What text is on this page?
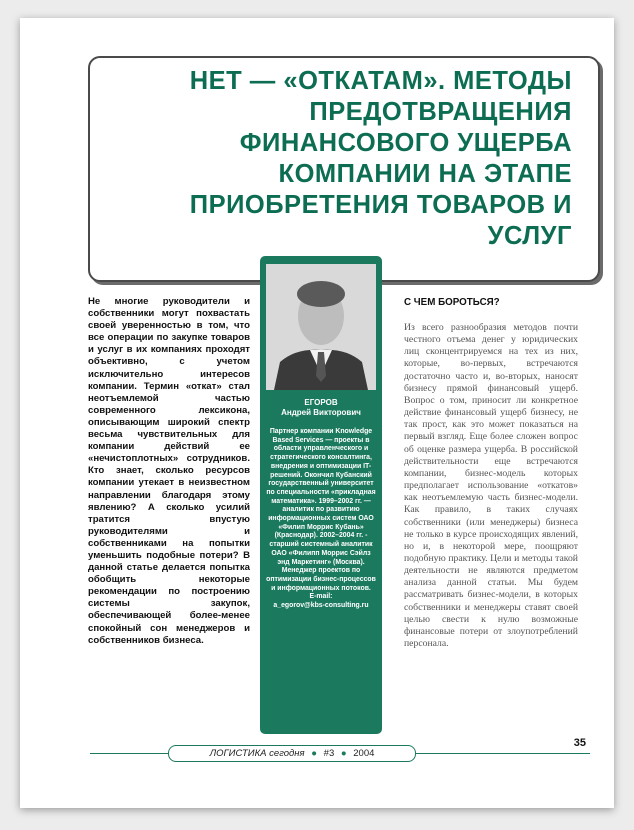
НЕТ — «ОТКАТАМ». МЕТОДЫ ПРЕДОТВРАЩЕНИЯ ФИНАНСОВОГО УЩЕРБА КОМПАНИИ НА ЭТАПЕ ПРИОБРЕТЕНИЯ ТОВАРОВ И УСЛУГ

Не многие руководители и собственники могут похвастать своей уверенностью в том, что все операции по закупке товаров и услуг в их компаниях проходят объективно, с учетом исключительно интересов компании. Термин «откат» стал неотъемлемой частью современного лексикона, описывающим широкий спектр весьма чувствительных для компании действий ее «нечистоплотных» сотрудников. Кто знает, сколько ресурсов компании утекает в неизвестном направлении благодаря этому явлению? А сколько усилий тратится впустую руководителями и собственниками на попытки уменьшить подобные потери? В данной статье делается попытка обобщить некоторые рекомендации по построению системы закупок, обеспечивающей более-менее спокойный сон менеджеров и собственников бизнеса.

ЕГОРОВ
Андрей Викторович
Партнер компании Knowledge Based Services — проекты в области управленческого и стратегического консалтинга, внедрения и оптимизации IT-решений. Окончил Кубанский государственный университет по специальности «прикладная математика». 1999–2002 гг. — аналитик по развитию информационных систем ОАО «Филип Моррис Кубань» (Краснодар). 2002–2004 гг. - старший системный аналитик ОАО «Филипп Моррис Сэйлз энд Маркетинг» (Москва). Менеджер проектов по оптимизации бизнес-процессов и информационных потоков.
E-mail:
a_egorov@kbs-consulting.ru
С ЧЕМ БОРОТЬСЯ?

Из всего разнообразия методов почти честного отъема денег у юридических лиц сконцентрируемся на тех из них, которые, во-первых, встречаются достаточно часто и, во-вторых, наносят бизнесу прямой финансовый ущерб. Вопрос о том, приносит ли конкретное действие финансовый ущерб бизнесу, не так прост, как это может показаться на первый взгляд. Еще более сложен вопрос об оценке размера ущерба. В российской действительности еще встречаются компании, бизнес-модель которых предполагает использование «откатов» как неотъемлемую часть бизнес-модели. Как правило, в таких случаях собственники (или менеджеры) бизнеса не только в курсе происходящих явлений, но и, в некоторой мере, поощряют подобную практику. Цели и методы такой деятельности не являются предметом анализа данной статьи. Мы будем рассматривать бизнес-модели, в которых собственники и менеджеры ставят своей целью свести к нулю возможные финансовые потери от злоупотреблений персонала.

ЛОГИСТИКА сегодня ● #3 ● 2004
35
